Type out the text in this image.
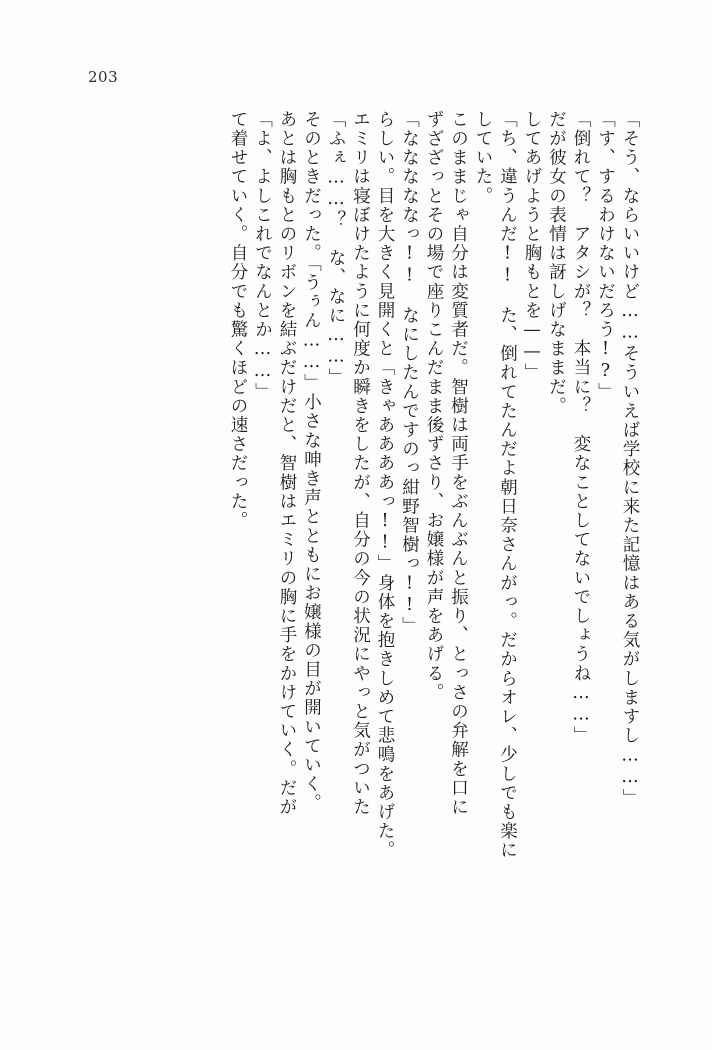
203
て着せていく。自分でも驚くほどの速さだった。 「よ、よしこれでなんとか……」 あとは胸もとのリボンを結ぶだけだと、智樹はエミリの胸に手をかけていく。だが そのときだった。「うぅん……」小さな呻き声とともにお嬢様の目が開いていく。 「ふぇ……？　な、なに……」 エミリは寝ぼけたように何度か瞬きをしたが、自分の今の状況にやっと気がついた らしい。目を大きく見開くと「きゃああああっ!!」身体を抱きしめて悲鳴をあげた。 「なななななっ!!　なにしたんですのっ紺野智樹っ!!」 ずざざっとその場で座りこんだまま後ずさり、お嬢様が声をあげる。 このままじゃ自分は変質者だ。智樹は両手をぶんぶんと振り、とっさの弁解を口に していた。 「ち、違うんだ!!　た、倒れてたんだよ朝日奈さんがっ。だからオレ、少しでも楽に してあげようと胸もとを——」 だが彼女の表情は訝しげなままだ。 「倒れて？　アタシが？　本当に？　変なことしてないでしょうね……」 「す、するわけないだろう!?」 「そう、ならいいけど……そういえば学校に来た記憶はある気がしますし……」
